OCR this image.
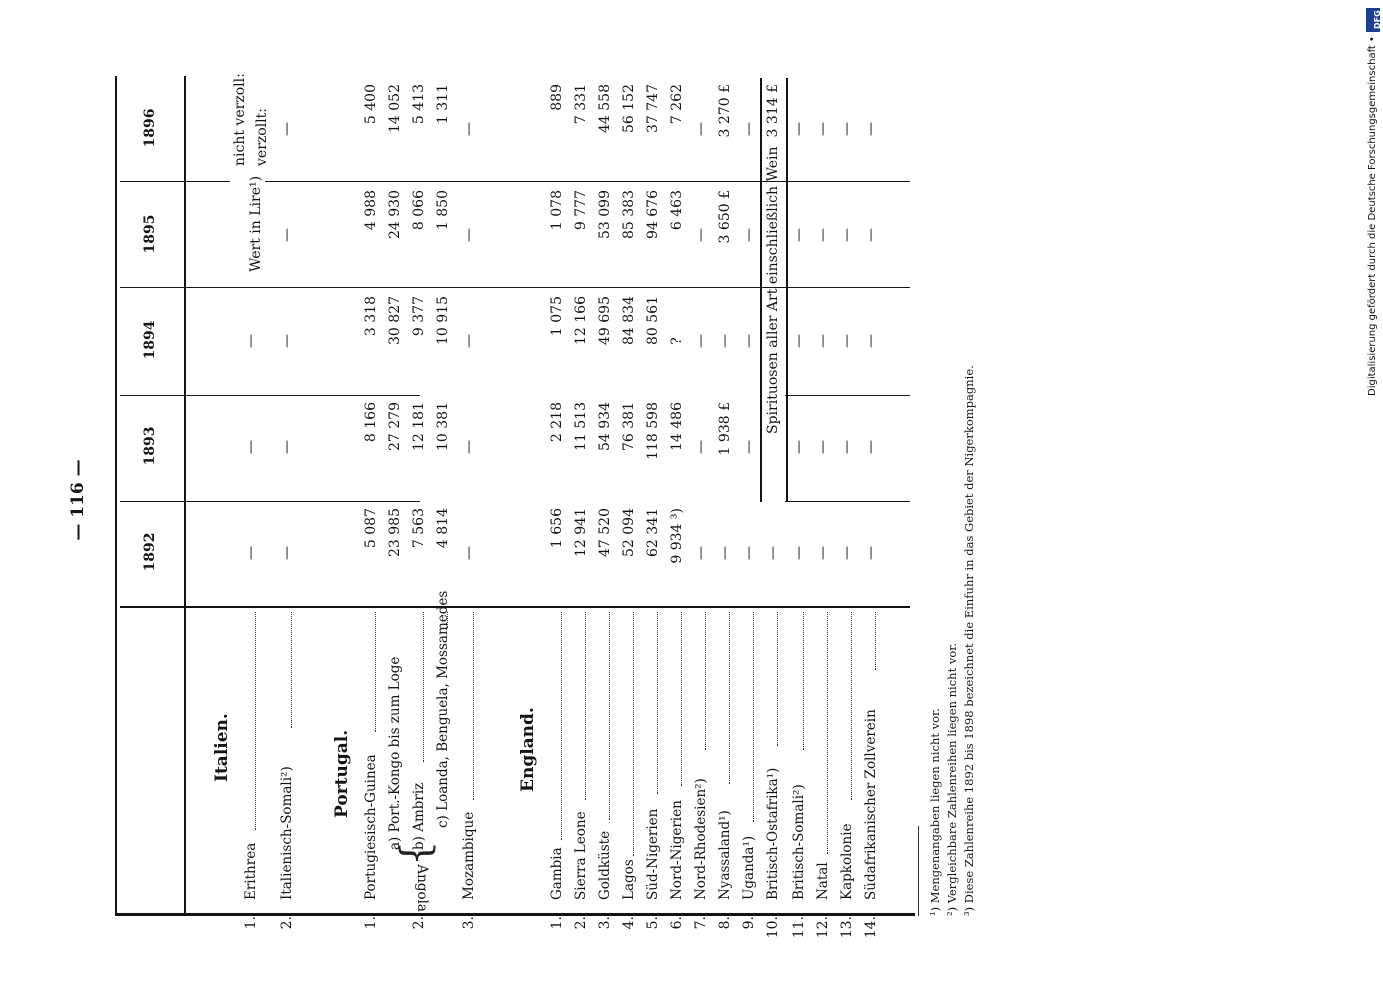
— 116 —
1892
1893
1894
1895
1896
Italien.
1.
Erithrea
—
—
—
Wert in Lire¹)
nicht verzoll: verzollt:
2.
Italienisch-Somali²)
—
—
—
—
—
Portugal.
1.
Portugiesisch-Guinea
5 087
8 166
3 318
4 988
5 400
Angola
{
a) Port.-Kongo bis zum Loge
23 985
27 279
30 827
24 930
14 052
2.
b) Ambriz
7 563
12 181
9 377
8 066
5 413
c) Loanda, Benguela, Mossamedes
4 814
10 381
10 915
1 850
1 311
3.
Mozambique
—
—
—
—
—
England.
1.
Gambia
1 656
2 218
1 075
1 078
889
2.
Sierra Leone
12 941
11 513
12 166
9 777
7 331
3.
Goldküste
47 520
54 934
49 695
53 099
44 558
4.
Lagos
52 094
76 381
84 834
85 383
56 152
5.
Süd-Nigerien
62 341
118 598
80 561
94 676
37 747
6.
Nord-Nigerien
9 934 ³)
14 486
?
6 463
7 262
7.
Nord-Rhodesien²)
—
—
—
—
—
8.
Nyassaland¹)
—
1 938 £
—
3 650 £
3 270 £
9.
Uganda¹)
—
—
—
—
—
10.
Britisch-Ostafrika¹)
—
3 314 £
Spirituosen aller Art einschließlich Wein
11.
Britisch-Somali²)
—
—
—
—
—
12.
Natal
—
—
—
—
—
13.
Kapkolonie
—
—
—
—
—
14.
Südafrikanischer Zollverein
—
—
—
—
—
¹) Mengenangaben liegen nicht vor. ²) Vergleichbare Zahlenreihen liegen nicht vor. ³) Diese Zahlenreihe 1892 bis 1898 bezeichnet die Einfuhr in das Gebiet der Nigerkompagnie.
DFG
Digitalisierung gefördert durch die Deutsche Forschungsgemeinschaft •
